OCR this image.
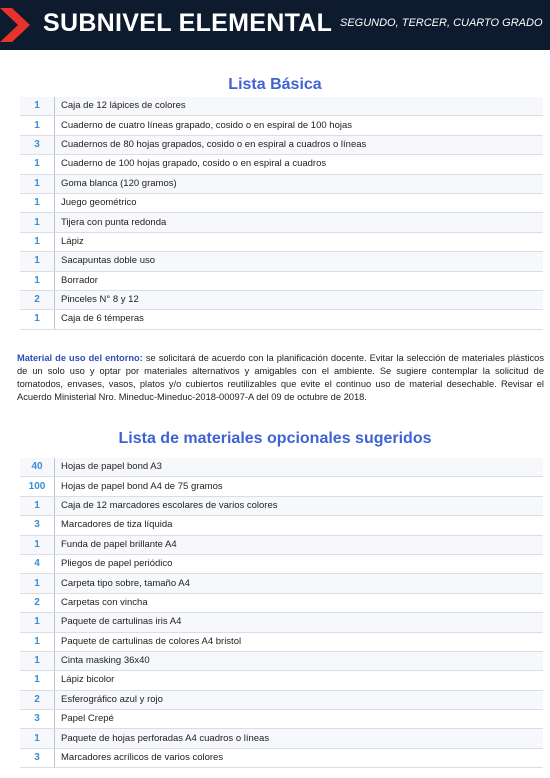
SUBNIVEL ELEMENTAL SEGUNDO, TERCER, CUARTO GRADO
Lista Básica
1	Caja de 12 lápices de colores
1	Cuaderno de cuatro líneas grapado, cosido o en espiral de 100 hojas
3	Cuadernos de 80 hojas grapados, cosido o en espiral a cuadros o líneas
1	Cuaderno de 100 hojas grapado, cosido o en espiral a cuadros
1	Goma blanca (120 gramos)
1	Juego geométrico
1	Tijera con punta redonda
1	Lápiz
1	Sacapuntas doble uso
1	Borrador
2	Pinceles N° 8 y 12
1	Caja de 6 témperas
Material de uso del entorno: se solicitará de acuerdo con la planificación docente. Evitar la selección de materiales plásticos de un solo uso y optar por materiales alternativos y amigables con el ambiente. Se sugiere contemplar la solicitud de tomatodos, envases, vasos, platos y/o cubiertos reutilizables que evite el continuo uso de material desechable. Revisar el Acuerdo Ministerial Nro. Mineduc-Mineduc-2018-00097-A del 09 de octubre de 2018.
Lista de materiales opcionales sugeridos
40	Hojas de papel bond A3
100	Hojas de papel bond A4 de 75 gramos
1	Caja de 12 marcadores escolares de varios colores
3	Marcadores de tiza líquida
1	Funda de papel brillante A4
4	Pliegos de papel periódico
1	Carpeta tipo sobre, tamaño A4
2	Carpetas con vincha
1	Paquete de cartulinas iris A4
1	Paquete de cartulinas de colores A4 bristol
1	Cinta masking 36x40
1	Lápiz bicolor
2	Esferográfico azul y rojo
3	Papel Crepé
1	Paquete de hojas perforadas A4 cuadros o líneas
3	Marcadores acrílicos de varios colores
